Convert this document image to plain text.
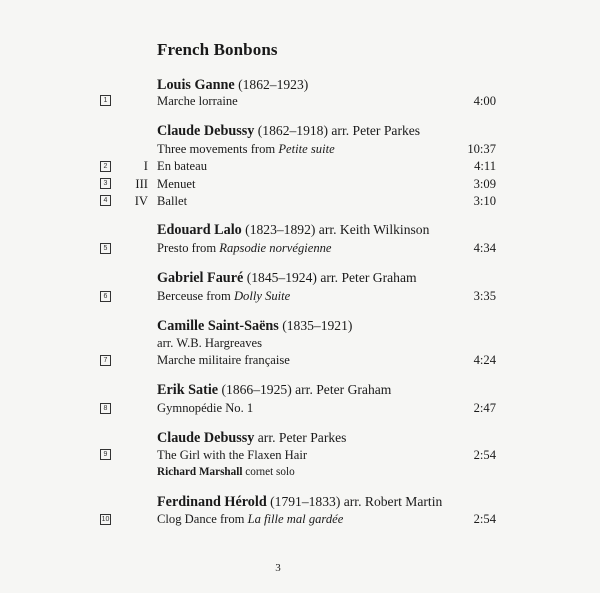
French Bonbons
Louis Ganne (1862–1923)
1	Marche lorraine	4:00
Claude Debussy (1862–1918) arr. Peter Parkes
Three movements from Petite suite	10:37
2	I En bateau	4:11
3	III Menuet	3:09
4	IV Ballet	3:10
Edouard Lalo (1823–1892) arr. Keith Wilkinson
5	Presto from Rapsodie norvégienne	4:34
Gabriel Fauré (1845–1924) arr. Peter Graham
6	Berceuse from Dolly Suite	3:35
Camille Saint-Saëns (1835–1921)
arr. W.B. Hargreaves
7	Marche militaire française	4:24
Erik Satie (1866–1925) arr. Peter Graham
8	Gymnopédie No. 1	2:47
Claude Debussy arr. Peter Parkes
9	The Girl with the Flaxen Hair	2:54
Richard Marshall cornet solo
Ferdinand Hérold (1791–1833) arr. Robert Martin
10	Clog Dance from La fille mal gardée	2:54
3
